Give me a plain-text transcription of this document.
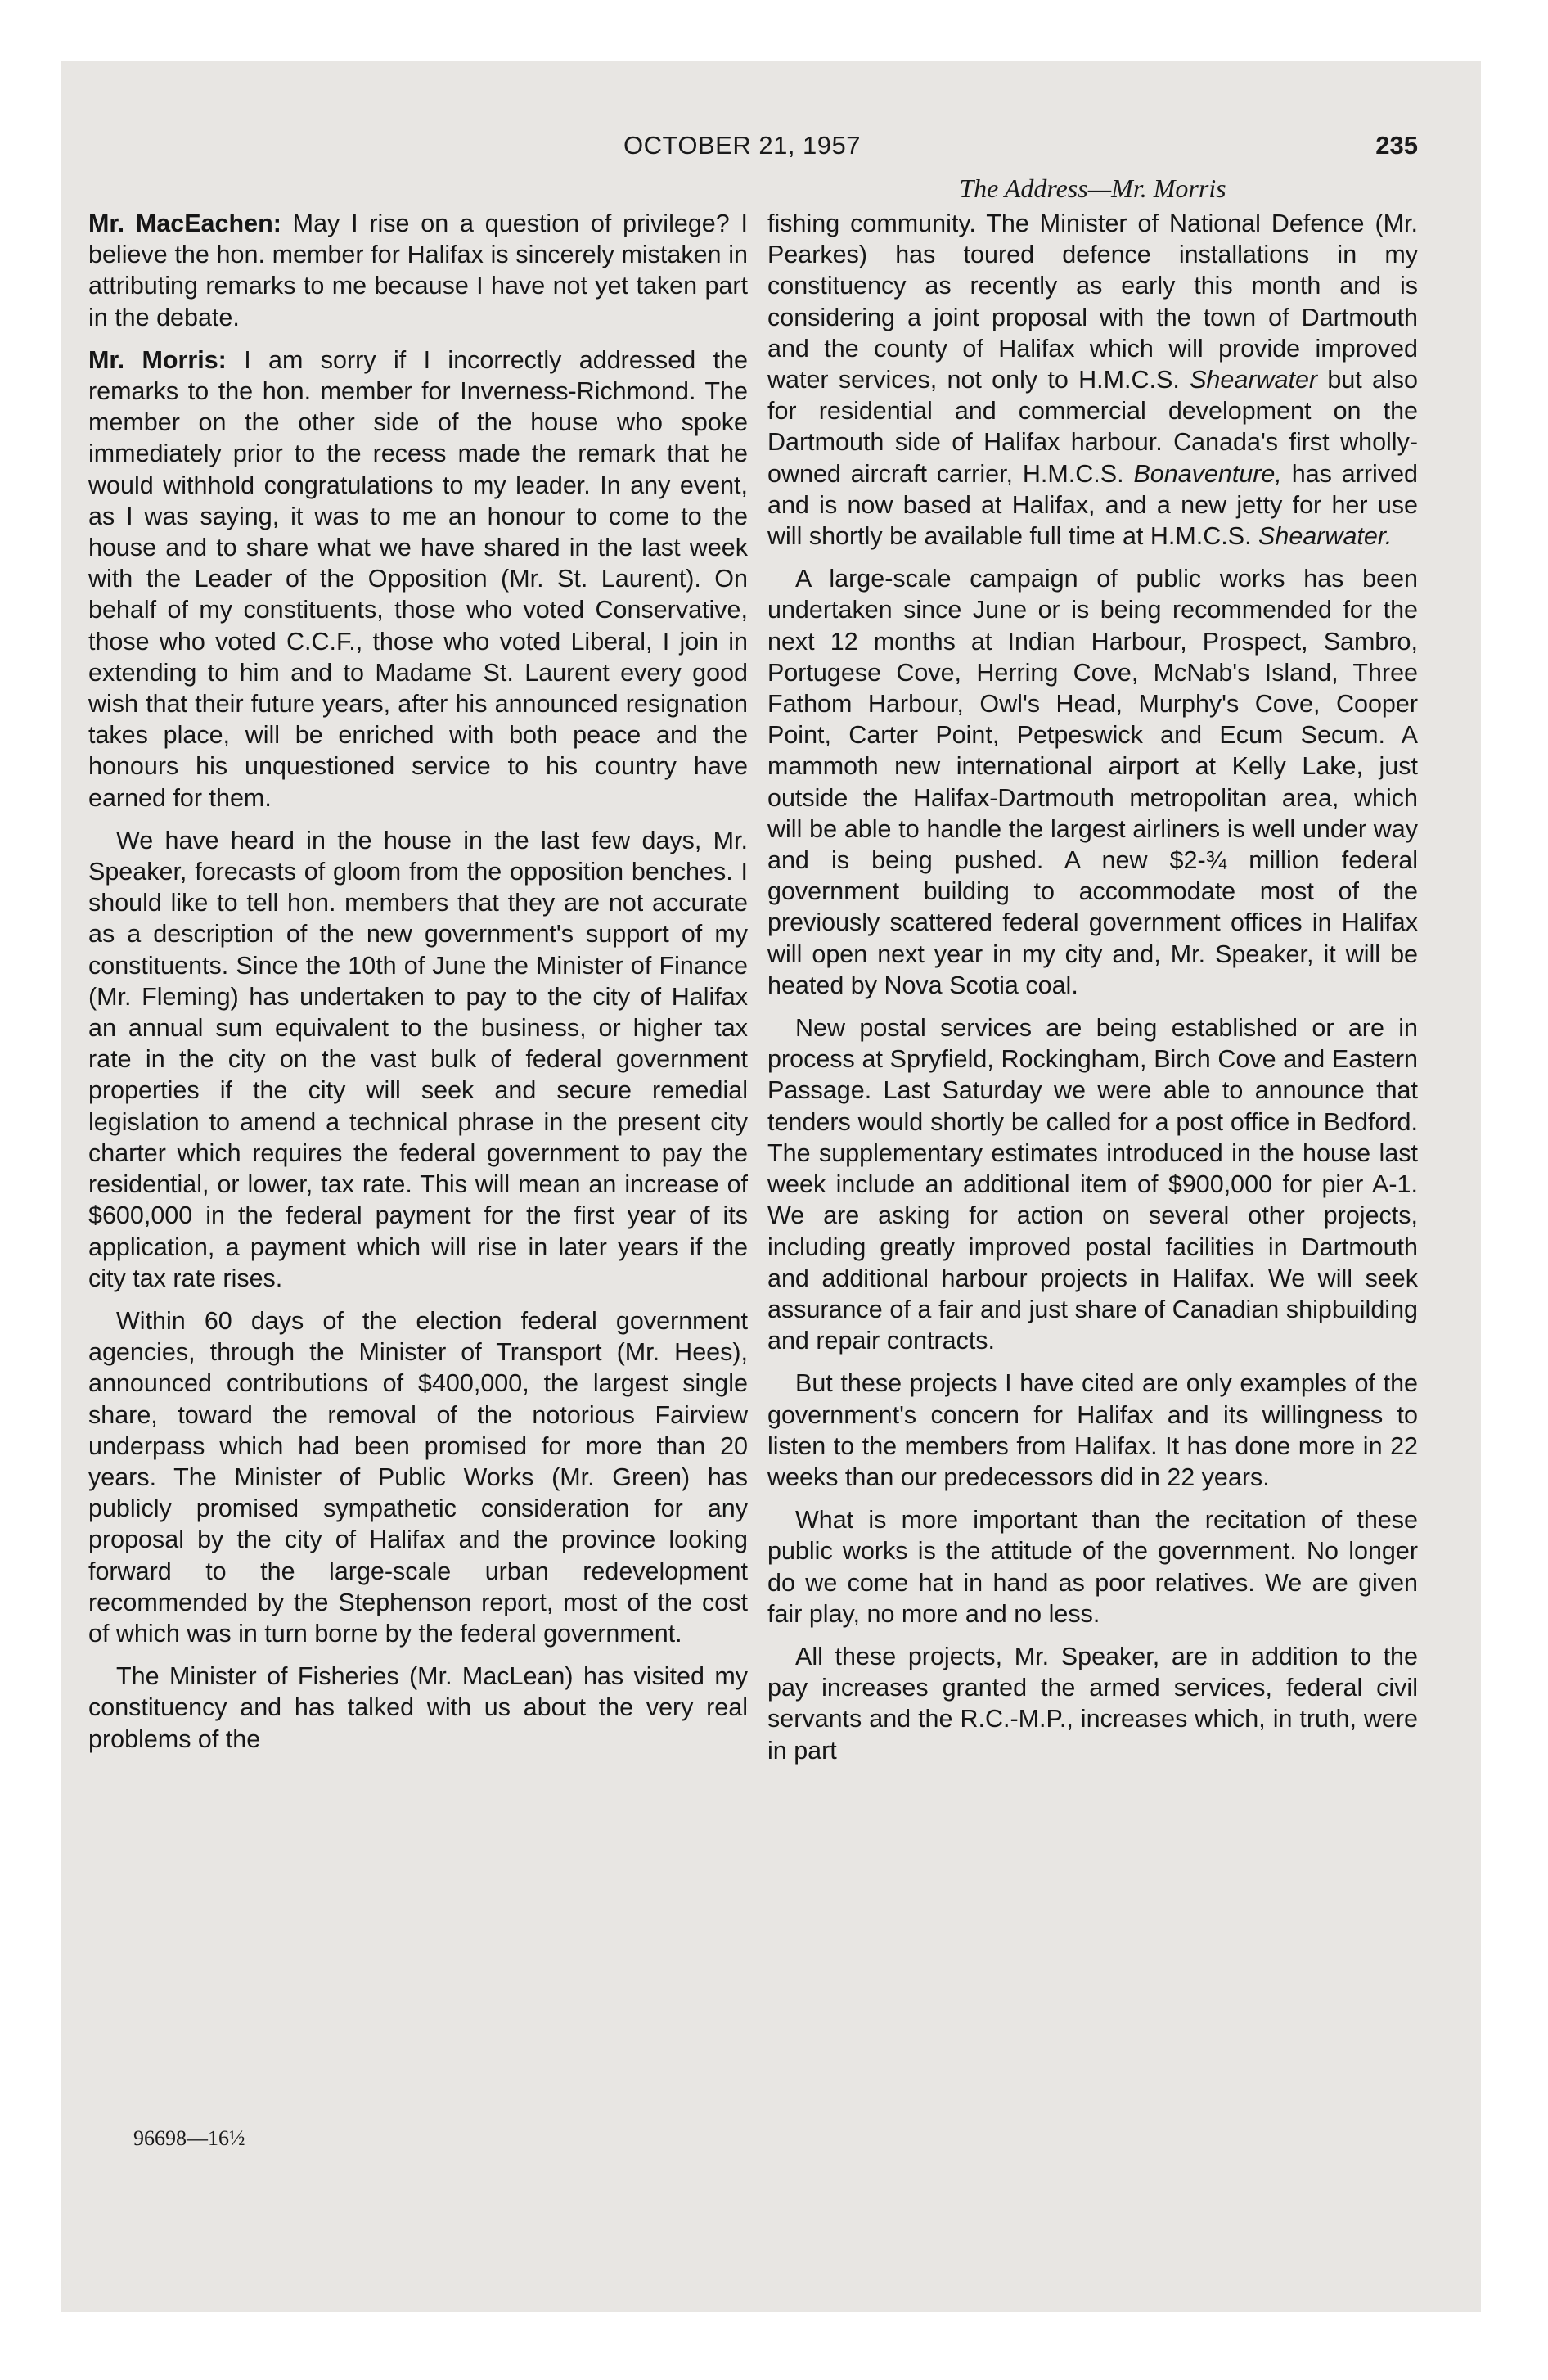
OCTOBER 21, 1957	235
The Address—Mr. Morris

Mr. MacEachen: May I rise on a question of privilege? I believe the hon. member for Halifax is sincerely mistaken in attributing remarks to me because I have not yet taken part in the debate.

Mr. Morris: I am sorry if I incorrectly addressed the remarks to the hon. member for Inverness-Richmond. The member on the other side of the house who spoke immediately prior to the recess made the remark that he would withhold congratulations to my leader. In any event, as I was saying, it was to me an honour to come to the house and to share what we have shared in the last week with the Leader of the Opposition (Mr. St. Laurent). On behalf of my constituents, those who voted Conservative, those who voted C.C.F., those who voted Liberal, I join in extending to him and to Madame St. Laurent every good wish that their future years, after his announced resignation takes place, will be enriched with both peace and the honours his unquestioned service to his country have earned for them.

We have heard in the house in the last few days, Mr. Speaker, forecasts of gloom from the opposition benches. I should like to tell hon. members that they are not accurate as a description of the new government's support of my constituents. Since the 10th of June the Minister of Finance (Mr. Fleming) has undertaken to pay to the city of Halifax an annual sum equivalent to the business, or higher tax rate in the city on the vast bulk of federal government properties if the city will seek and secure remedial legislation to amend a technical phrase in the present city charter which requires the federal government to pay the residential, or lower, tax rate. This will mean an increase of $600,000 in the federal payment for the first year of its application, a payment which will rise in later years if the city tax rate rises.

Within 60 days of the election federal government agencies, through the Minister of Transport (Mr. Hees), announced contributions of $400,000, the largest single share, toward the removal of the notorious Fairview underpass which had been promised for more than 20 years. The Minister of Public Works (Mr. Green) has publicly promised sympathetic consideration for any proposal by the city of Halifax and the province looking forward to the large-scale urban redevelopment recommended by the Stephenson report, most of the cost of which was in turn borne by the federal government.

The Minister of Fisheries (Mr. MacLean) has visited my constituency and has talked with us about the very real problems of the

fishing community. The Minister of National Defence (Mr. Pearkes) has toured defence installations in my constituency as recently as early this month and is considering a joint proposal with the town of Dartmouth and the county of Halifax which will provide improved water services, not only to H.M.C.S. Shearwater but also for residential and commercial development on the Dartmouth side of Halifax harbour. Canada's first wholly-owned aircraft carrier, H.M.C.S. Bonaventure, has arrived and is now based at Halifax, and a new jetty for her use will shortly be available full time at H.M.C.S. Shearwater.

A large-scale campaign of public works has been undertaken since June or is being recommended for the next 12 months at Indian Harbour, Prospect, Sambro, Portugese Cove, Herring Cove, McNab's Island, Three Fathom Harbour, Owl's Head, Murphy's Cove, Cooper Point, Carter Point, Petpeswick and Ecum Secum. A mammoth new international airport at Kelly Lake, just outside the Halifax-Dartmouth metropolitan area, which will be able to handle the largest airliners is well under way and is being pushed. A new $2-¾ million federal government building to accommodate most of the previously scattered federal government offices in Halifax will open next year in my city and, Mr. Speaker, it will be heated by Nova Scotia coal.

New postal services are being established or are in process at Spryfield, Rockingham, Birch Cove and Eastern Passage. Last Saturday we were able to announce that tenders would shortly be called for a post office in Bedford. The supplementary estimates introduced in the house last week include an additional item of $900,000 for pier A-1. We are asking for action on several other projects, including greatly improved postal facilities in Dartmouth and additional harbour projects in Halifax. We will seek assurance of a fair and just share of Canadian shipbuilding and repair contracts.

But these projects I have cited are only examples of the government's concern for Halifax and its willingness to listen to the members from Halifax. It has done more in 22 weeks than our predecessors did in 22 years.

What is more important than the recitation of these public works is the attitude of the government. No longer do we come hat in hand as poor relatives. We are given fair play, no more and no less.

All these projects, Mr. Speaker, are in addition to the pay increases granted the armed services, federal civil servants and the R.C.-M.P., increases which, in truth, were in part

96698—16½
